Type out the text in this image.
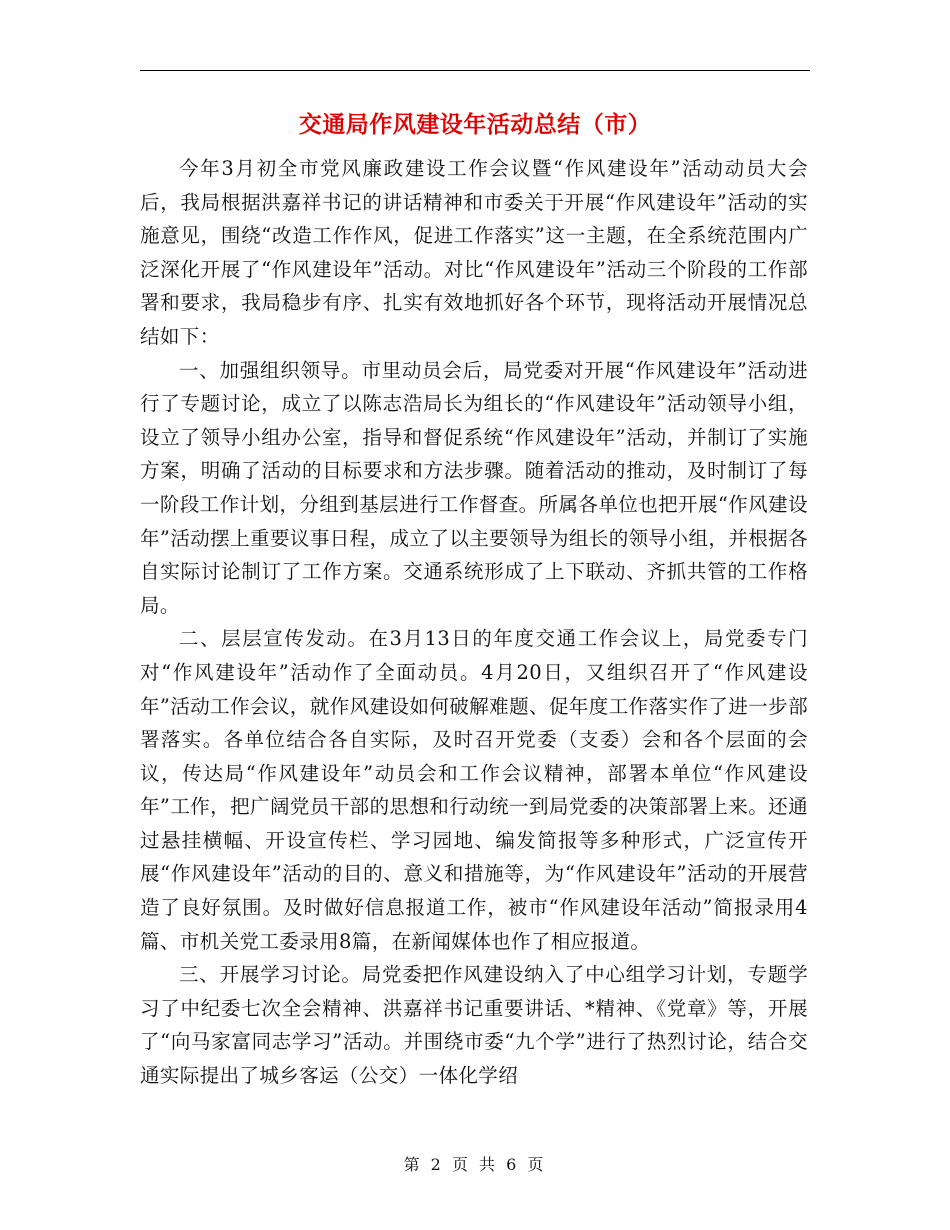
交通局作风建设年活动总结（市）

今年3月初全市党风廉政建设工作会议暨“作风建设年”活动动员大会后，我局根据洪嘉祥书记的讲话精神和市委关于开展“作风建设年”活动的实施意见，围绕“改造工作作风，促进工作落实”这一主题，在全系统范围内广泛深化开展了“作风建设年”活动。对比“作风建设年”活动三个阶段的工作部署和要求，我局稳步有序、扎实有效地抓好各个环节，现将活动开展情况总结如下：

一、加强组织领导。市里动员会后，局党委对开展“作风建设年”活动进行了专题讨论，成立了以陈志浩局长为组长的“作风建设年”活动领导小组，设立了领导小组办公室，指导和督促系统“作风建设年”活动，并制订了实施方案，明确了活动的目标要求和方法步骤。随着活动的推动，及时制订了每一阶段工作计划，分组到基层进行工作督查。所属各单位也把开展“作风建设年”活动摆上重要议事日程，成立了以主要领导为组长的领导小组，并根据各自实际讨论制订了工作方案。交通系统形成了上下联动、齐抓共管的工作格局。

二、层层宣传发动。在3月13日的年度交通工作会议上，局党委专门对“作风建设年”活动作了全面动员。4月20日，又组织召开了“作风建设年”活动工作会议，就作风建设如何破解难题、促年度工作落实作了进一步部署落实。各单位结合各自实际，及时召开党委（支委）会和各个层面的会议，传达局“作风建设年”动员会和工作会议精神，部署本单位“作风建设年”工作，把广阔党员干部的思想和行动统一到局党委的决策部署上来。还通过悬挂横幅、开设宣传栏、学习园地、编发简报等多种形式，广泛宣传开展“作风建设年”活动的目的、意义和措施等，为“作风建设年”活动的开展营造了良好氛围。及时做好信息报道工作，被市“作风建设年活动”简报录用4篇、市机关党工委录用8篇，在新闻媒体也作了相应报道。

三、开展学习讨论。局党委把作风建设纳入了中心组学习计划，专题学习了中纪委七次全会精神、洪嘉祥书记重要讲话、*精神、《党章》等，开展了“向马家富同志学习”活动。并围绕市委“九个学”进行了热烈讨论，结合交通实际提出了城乡客运（公交）一体化学绍

第 2 页 共 6 页
